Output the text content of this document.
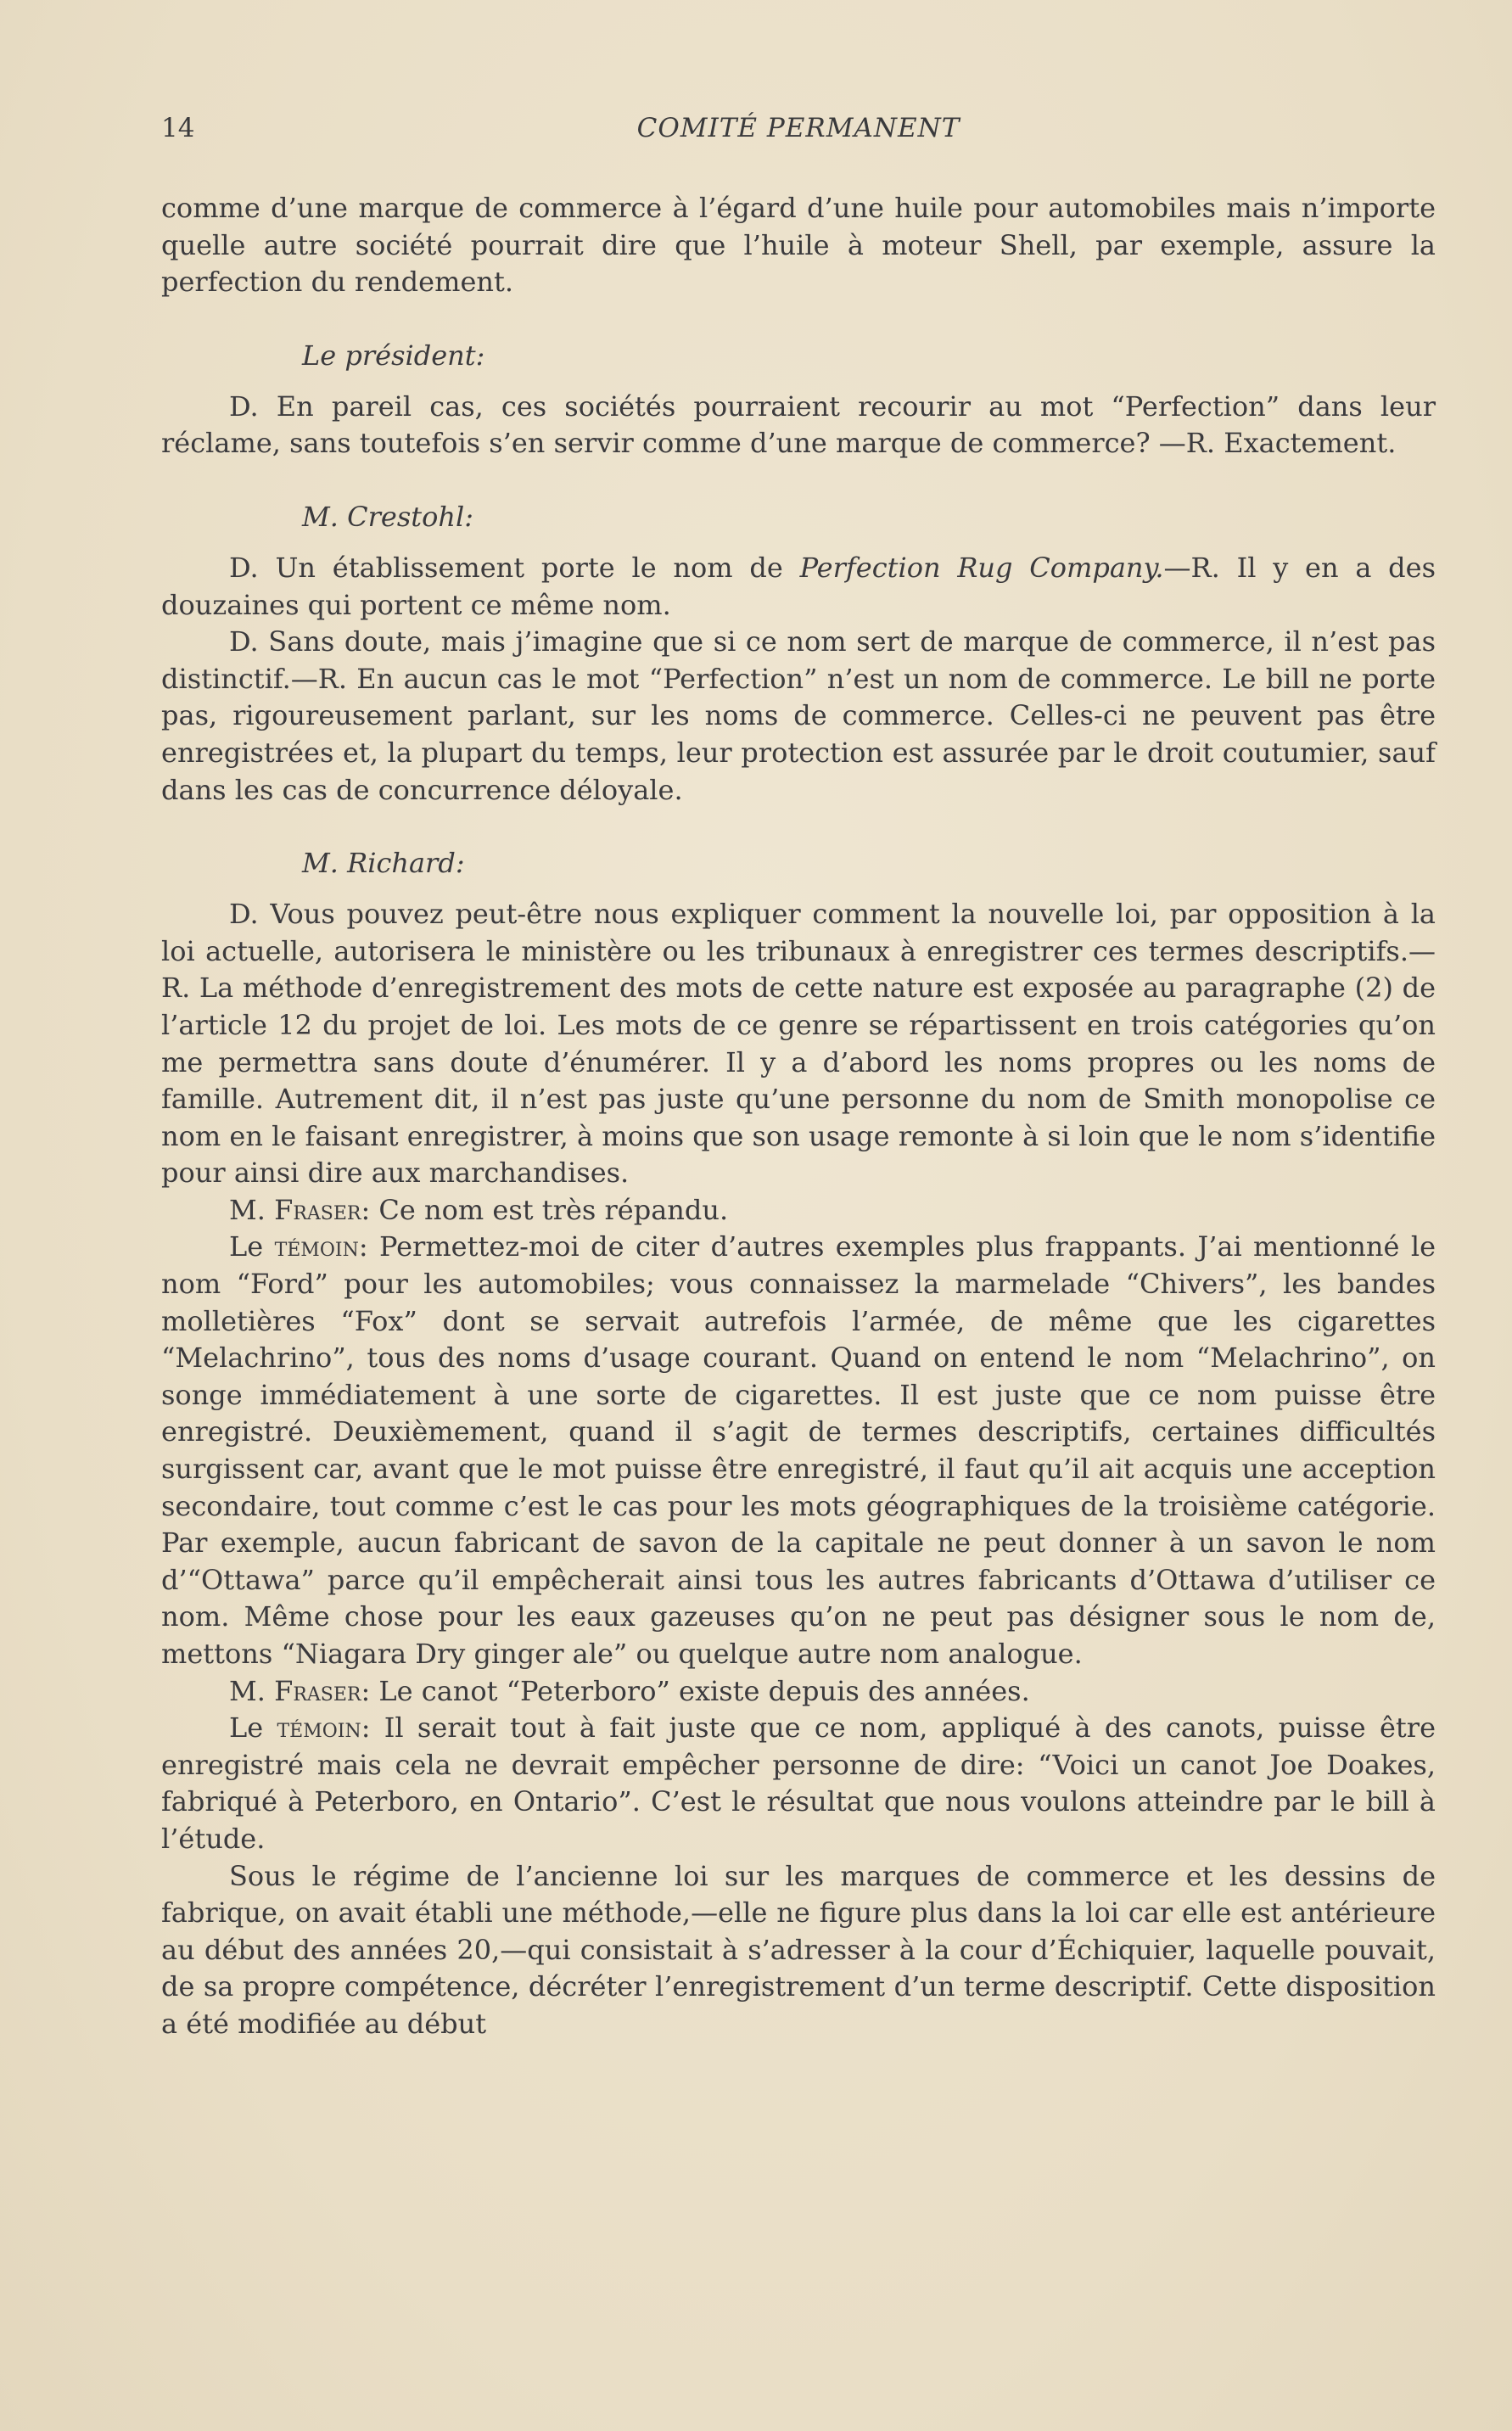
14	COMITÉ PERMANENT

comme d’une marque de commerce à l’égard d’une huile pour automobiles mais n’importe quelle autre société pourrait dire que l’huile à moteur Shell, par exemple, assure la perfection du rendement.

Le président:

D. En pareil cas, ces sociétés pourraient recourir au mot “Perfection” dans leur réclame, sans toutefois s’en servir comme d’une marque de commerce? —R. Exactement.

M. Crestohl:

D. Un établissement porte le nom de Perfection Rug Company.—R. Il y en a des douzaines qui portent ce même nom.

D. Sans doute, mais j’imagine que si ce nom sert de marque de commerce, il n’est pas distinctif.—R. En aucun cas le mot “Perfection” n’est un nom de commerce. Le bill ne porte pas, rigoureusement parlant, sur les noms de commerce. Celles-ci ne peuvent pas être enregistrées et, la plupart du temps, leur protection est assurée par le droit coutumier, sauf dans les cas de concurrence déloyale.

M. Richard:

D. Vous pouvez peut-être nous expliquer comment la nouvelle loi, par opposition à la loi actuelle, autorisera le ministère ou les tribunaux à enregistrer ces termes descriptifs.—R. La méthode d’enregistrement des mots de cette nature est exposée au paragraphe (2) de l’article 12 du projet de loi. Les mots de ce genre se répartissent en trois catégories qu’on me permettra sans doute d’énumérer. Il y a d’abord les noms propres ou les noms de famille. Autrement dit, il n’est pas juste qu’une personne du nom de Smith monopolise ce nom en le faisant enregistrer, à moins que son usage remonte à si loin que le nom s’identifie pour ainsi dire aux marchandises.

M. Fraser: Ce nom est très répandu.

Le témoin: Permettez-moi de citer d’autres exemples plus frappants. J’ai mentionné le nom “Ford” pour les automobiles; vous connaissez la marmelade “Chivers”, les bandes molletières “Fox” dont se servait autrefois l’armée, de même que les cigarettes “Melachrino”, tous des noms d’usage courant. Quand on entend le nom “Melachrino”, on songe immédiatement à une sorte de cigarettes. Il est juste que ce nom puisse être enregistré. Deuxièmement, quand il s’agit de termes descriptifs, certaines difficultés surgissent car, avant que le mot puisse être enregistré, il faut qu’il ait acquis une acception secondaire, tout comme c’est le cas pour les mots géographiques de la troisième catégorie. Par exemple, aucun fabricant de savon de la capitale ne peut donner à un savon le nom d’“Ottawa” parce qu’il empêcherait ainsi tous les autres fabricants d’Ottawa d’utiliser ce nom. Même chose pour les eaux gazeuses qu’on ne peut pas désigner sous le nom de, mettons “Niagara Dry ginger ale” ou quelque autre nom analogue.

M. Fraser: Le canot “Peterboro” existe depuis des années.

Le témoin: Il serait tout à fait juste que ce nom, appliqué à des canots, puisse être enregistré mais cela ne devrait empêcher personne de dire: “Voici un canot Joe Doakes, fabriqué à Peterboro, en Ontario”. C’est le résultat que nous voulons atteindre par le bill à l’étude.

Sous le régime de l’ancienne loi sur les marques de commerce et les dessins de fabrique, on avait établi une méthode,—elle ne figure plus dans la loi car elle est antérieure au début des années 20,—qui consistait à s’adresser à la cour d’Échiquier, laquelle pouvait, de sa propre compétence, décréter l’enregistrement d’un terme descriptif. Cette disposition a été modifiée au début
